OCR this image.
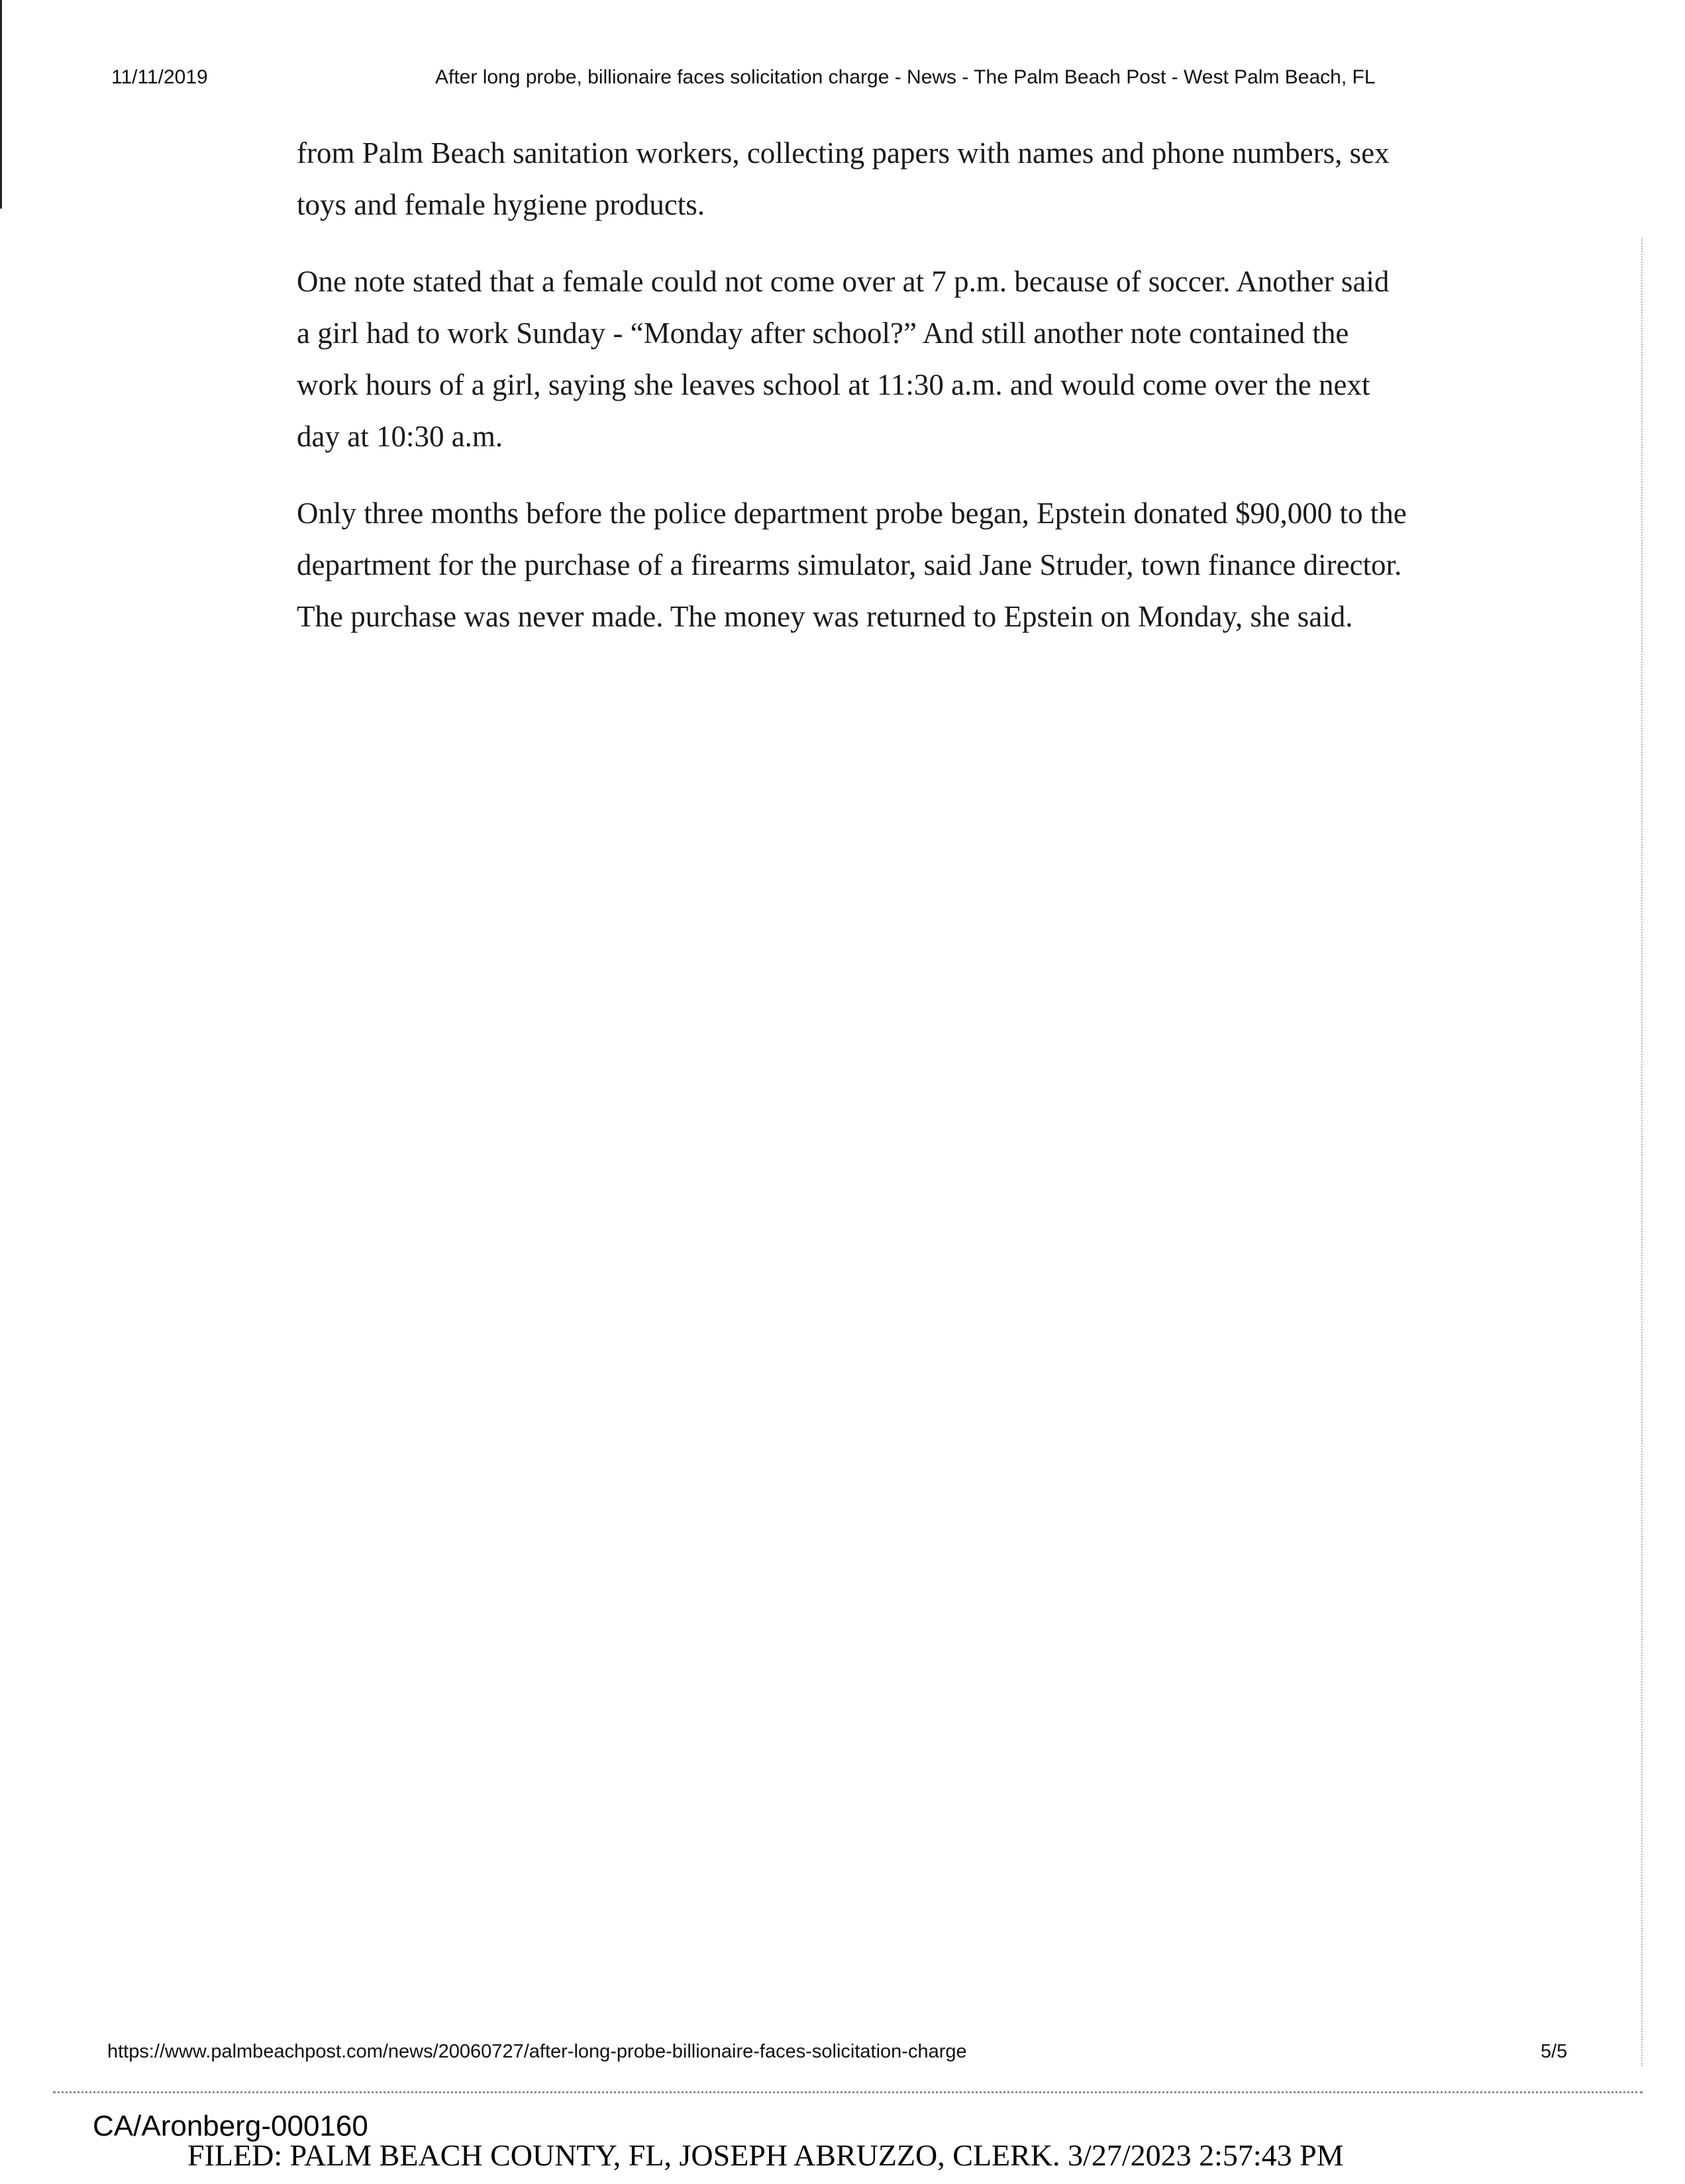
11/11/2019	After long probe, billionaire faces solicitation charge - News - The Palm Beach Post - West Palm Beach, FL

from Palm Beach sanitation workers, collecting papers with names and phone numbers, sex toys and female hygiene products.

One note stated that a female could not come over at 7 p.m. because of soccer. Another said a girl had to work Sunday - “Monday after school?” And still another note contained the work hours of a girl, saying she leaves school at 11:30 a.m. and would come over the next day at 10:30 a.m.

Only three months before the police department probe began, Epstein donated $90,000 to the department for the purchase of a firearms simulator, said Jane Struder, town finance director. The purchase was never made. The money was returned to Epstein on Monday, she said.

https://www.palmbeachpost.com/news/20060727/after-long-probe-billionaire-faces-solicitation-charge	5/5
CA/Aronberg-000160
FILED: PALM BEACH COUNTY, FL, JOSEPH ABRUZZO, CLERK. 3/27/2023 2:57:43 PM
